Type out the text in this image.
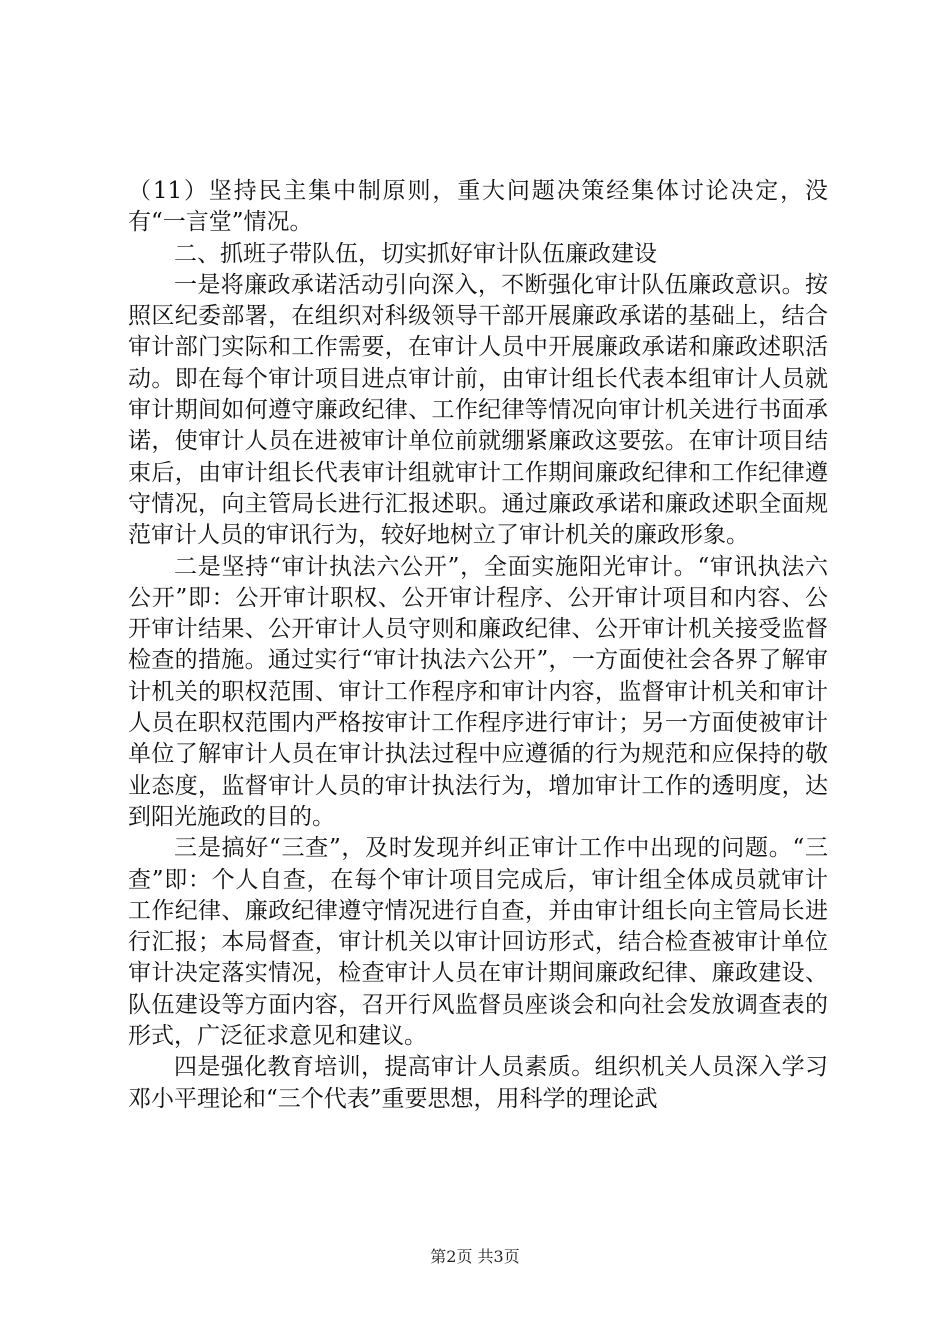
（11）坚持民主集中制原则，重大问题决策经集体讨论决定，没有“一言堂”情况。

二、抓班子带队伍，切实抓好审计队伍廉政建设

一是将廉政承诺活动引向深入，不断强化审计队伍廉政意识。按照区纪委部署，在组织对科级领导干部开展廉政承诺的基础上，结合审计部门实际和工作需要，在审计人员中开展廉政承诺和廉政述职活动。即在每个审计项目进点审计前，由审计组长代表本组审计人员就审计期间如何遵守廉政纪律、工作纪律等情况向审计机关进行书面承诺，使审计人员在进被审计单位前就绷紧廉政这要弦。在审计项目结束后，由审计组长代表审计组就审计工作期间廉政纪律和工作纪律遵守情况，向主管局长进行汇报述职。通过廉政承诺和廉政述职全面规范审计人员的审讯行为，较好地树立了审计机关的廉政形象。

二是坚持“审计执法六公开”，全面实施阳光审计。“审讯执法六公开”即：公开审计职权、公开审计程序、公开审计项目和内容、公开审计结果、公开审计人员守则和廉政纪律、公开审计机关接受监督检查的措施。通过实行“审计执法六公开”，一方面使社会各界了解审计机关的职权范围、审计工作程序和审计内容，监督审计机关和审计人员在职权范围内严格按审计工作程序进行审计；另一方面使被审计单位了解审计人员在审计执法过程中应遵循的行为规范和应保持的敬业态度，监督审计人员的审计执法行为，增加审计工作的透明度，达到阳光施政的目的。

三是搞好“三查”，及时发现并纠正审计工作中出现的问题。“三查”即：个人自查，在每个审计项目完成后，审计组全体成员就审计工作纪律、廉政纪律遵守情况进行自查，并由审计组长向主管局长进行汇报；本局督查，审计机关以审计回访形式，结合检查被审计单位审计决定落实情况，检查审计人员在审计期间廉政纪律、廉政建设、队伍建设等方面内容，召开行风监督员座谈会和向社会发放调查表的形式，广泛征求意见和建议。

四是强化教育培训，提高审计人员素质。组织机关人员深入学习邓小平理论和“三个代表”重要思想，用科学的理论武

第2页 共3页
